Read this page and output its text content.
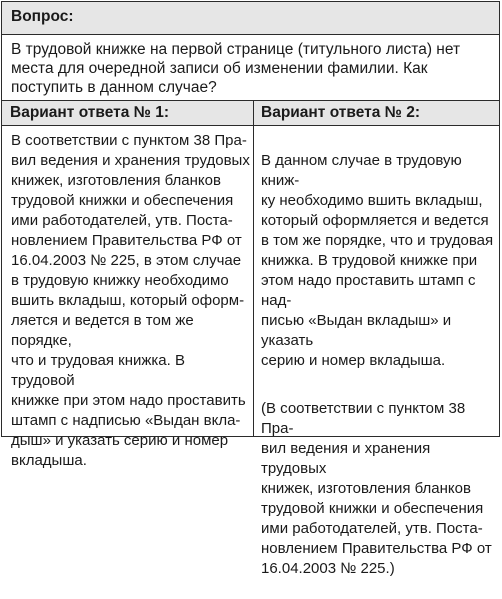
Вопрос:
В трудовой книжке на первой странице (титульного листа) нет места для очередной записи об изменении фамилии. Как поступить в данном случае?
Вариант ответа № 1:	Вариант ответа № 2:
В соответствии с пунктом 38 Пра-
вил ведения и хранения трудовых
книжек, изготовления бланков
трудовой книжки и обеспечения
ими работодателей, утв. Поста-
новлением Правительства РФ от
16.04.2003 № 225, в этом случае
в трудовую книжку необходимо
вшить вкладыш, который оформ-
ляется и ведется в том же порядке,
что и трудовая книжка. В трудовой
книжке при этом надо проставить
штамп с надписью «Выдан вкла-
дыш» и указать серию и номер
вкладыша.

В данном случае в трудовую книж-
ку необходимо вшить вкладыш,
который оформляется и ведется
в том же порядке, что и трудовая
книжка. В трудовой книжке при
этом надо проставить штамп с над-
писью «Выдан вкладыш» и указать
серию и номер вкладыша.

(В соответствии с пунктом 38 Пра-
вил ведения и хранения трудовых
книжек, изготовления бланков
трудовой книжки и обеспечения
ими работодателей, утв. Поста-
новлением Правительства РФ от
16.04.2003 № 225.)
